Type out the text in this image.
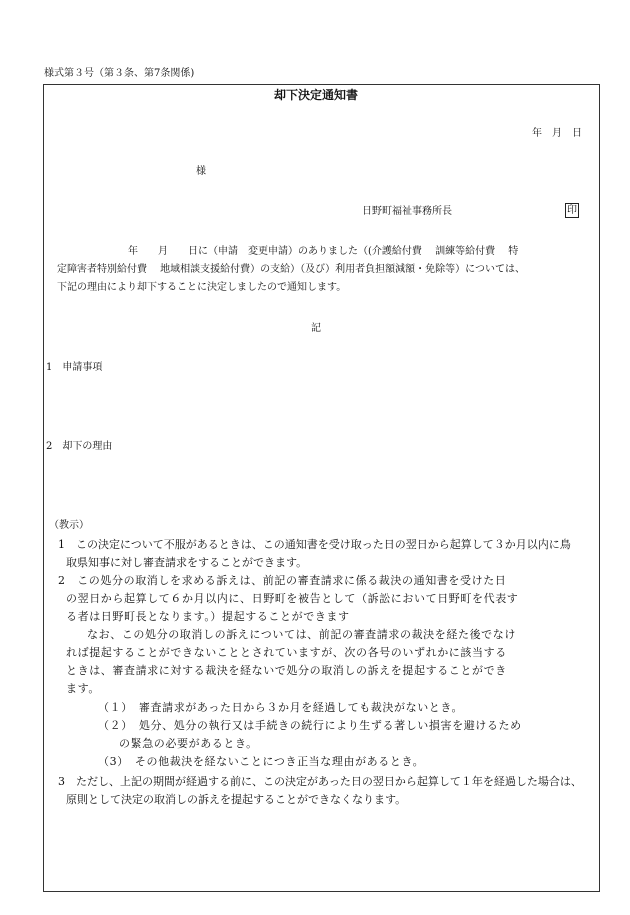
様式第３号（第３条、第7条関係)
却下決定通知書
年　月　日
様
日野町福祉事務所長	印
年　　月　　日に（申請　変更申請）のありました（(介護給付費　 訓練等給付費　 特
定障害者特別給付費　 地域相談支援給付費）の支給）（及び）利用者負担額減額・免除等）については、
下記の理由により却下することに決定しましたので通知します。
記
1　申請事項
2　却下の理由
（教示）
1　この決定について不服があるときは、この通知書を受け取った日の翌日から起算して３か月以内に鳥
取県知事に対し審査請求をすることができます。
2　この処分の取消しを求める訴えは、前記の審査請求に係る裁決の通知書を受けた日
の翌日から起算して６か月以内に、日野町を被告として（訴訟において日野町を代表す
る者は日野町長となります。）提起することができます
なお、この処分の取消しの訴えについては、前記の審査請求の裁決を経た後でなけ
れば提起することができないこととされていますが、次の各号のいずれかに該当する
ときは、審査請求に対する裁決を経ないで処分の取消しの訴えを提起することができ
ます。
（１）　審査請求があった日から３か月を経過しても裁決がないとき。
（２）　処分、処分の執行又は手続きの続行により生ずる著しい損害を避けるため
の緊急の必要があるとき。
（3）　その他裁決を経ないことにつき正当な理由があるとき。
3　ただし、上記の期間が経過する前に、この決定があった日の翌日から起算して１年を経過した場合は、
原則として決定の取消しの訴えを提起することができなくなります。
